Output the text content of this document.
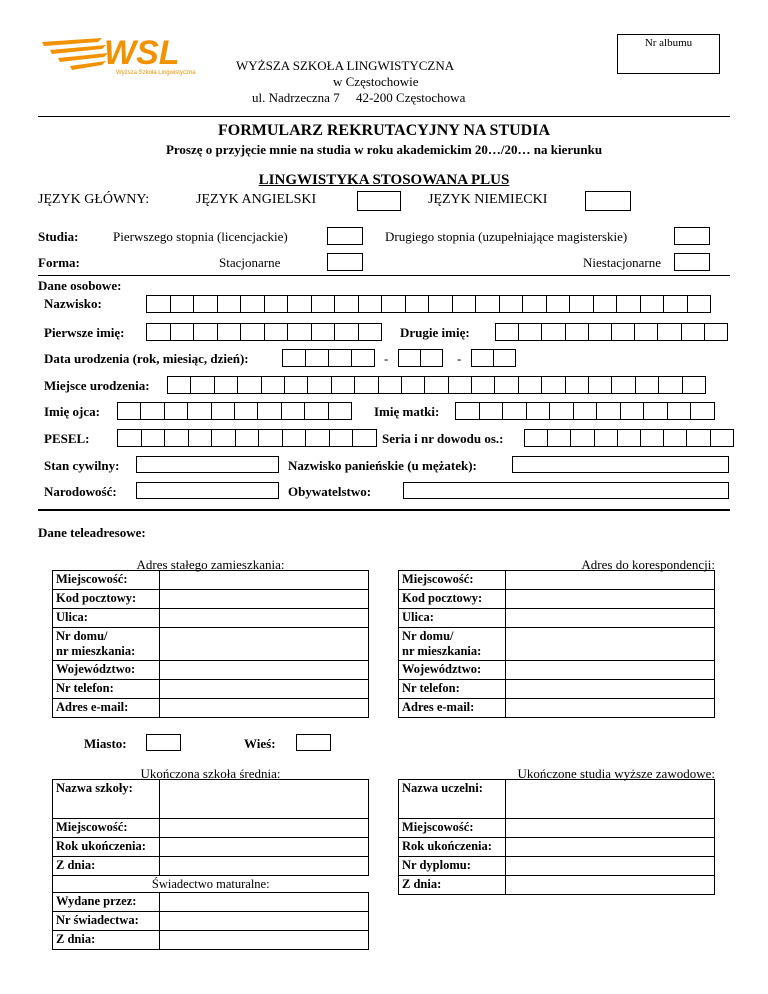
Nr albumu
WSL
Wyższa Szkoła Lingwistyczna	WYŻSZA SZKOŁA LINGWISTYCZNA
w Częstochowie
ul. Nadrzeczna 7     42-200 Częstochowa
FORMULARZ REKRUTACYJNY NA STUDIA
Proszę o przyjęcie mnie na studia w roku akademickim 20…/20… na kierunku
LINGWISTYKA STOSOWANA PLUS
JĘZYK GŁÓWNY:	JĘZYK ANGIELSKI	JĘZYK NIEMIECKI
Studia:	Pierwszego stopnia (licencjackie)	Drugiego stopnia (uzupełniające magisterskie)
Forma:	Stacjonarne	Niestacjonarne
Dane osobowe:
Nazwisko:
Pierwsze imię:	Drugie imię:
Data urodzenia (rok, miesiąc, dzień):	-	-
Miejsce urodzenia:
Imię ojca:	Imię matki:
PESEL:	Seria i nr dowodu os.:
Stan cywilny:	Nazwisko panieńskie (u mężatek):
Narodowość:	Obywatelstwo:
Dane teleadresowe:
Adres stałego zamieszkania:
Miejscowość:	
Kod pocztowy:	
Ulica:	
Nr domu/
nr mieszkania:	
Województwo:	
Nr telefon:	
Adres e-mail:	
Adres do korespondencji:
Miejscowość:	
Kod pocztowy:	
Ulica:	
Nr domu/
nr mieszkania:	
Województwo:	
Nr telefon:	
Adres e-mail:	
Miasto:	Wieś:
Ukończona szkoła średnia:
Nazwa szkoły:	
Miejscowość:	
Rok ukończenia:	
Z dnia:	
Świadectwo maturalne:	
Wydane przez:	
Nr świadectwa:	
Z dnia:	
Ukończone studia wyższe zawodowe:
Nazwa uczelni:	
Miejscowość:	
Rok ukończenia:	
Nr dyplomu:	
Z dnia:	
